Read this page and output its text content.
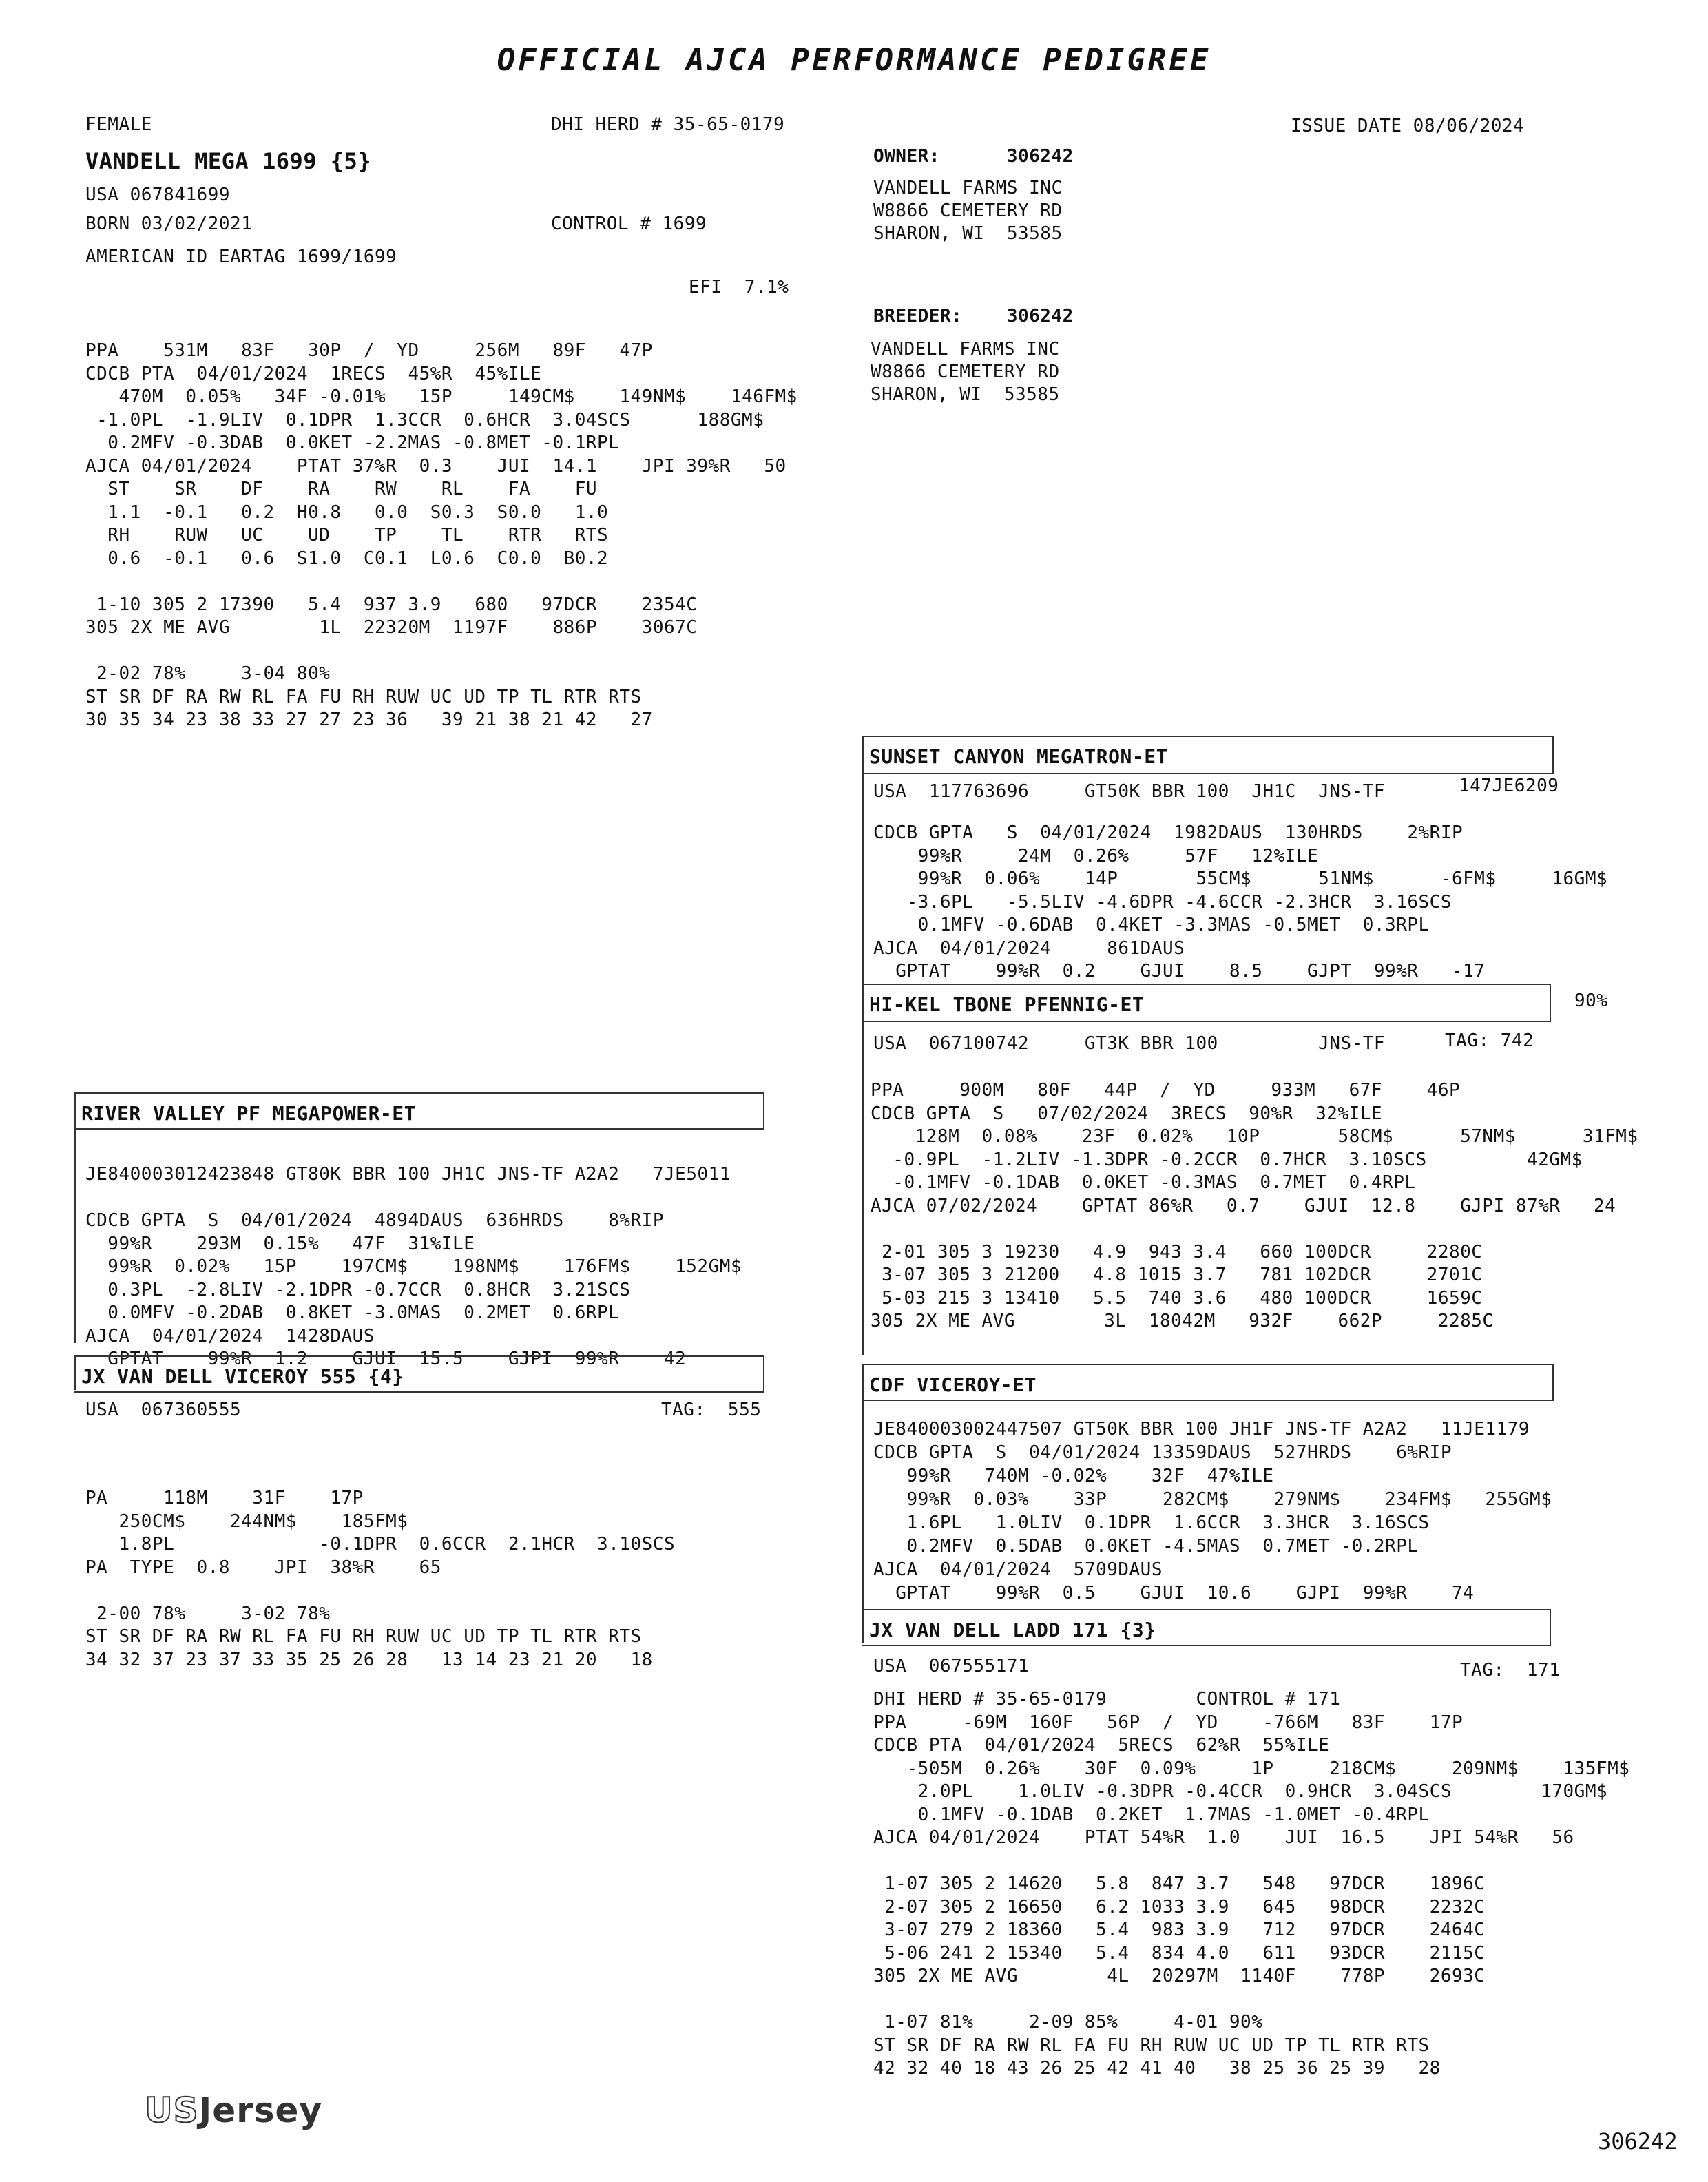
OFFICIAL AJCA PERFORMANCE PEDIGREE
FEMALE	DHI HERD # 35-65-0179	ISSUE DATE 08/06/2024
VANDELL MEGA 1699 {5}
USA 067841699
BORN 03/02/2021	CONTROL # 1699
AMERICAN ID EARTAG 1699/1699
EFI  7.1%
PPA    531M   83F   30P  /  YD     256M   89F   47P
CDCB PTA  04/01/2024  1RECS  45%R  45%ILE
470M  0.05%   34F -0.01%   15P     149CM$    149NM$    146FM$
-1.0PL  -1.9LIV  0.1DPR  1.3CCR  0.6HCR  3.04SCS      188GM$
0.2MFV -0.3DAB  0.0KET -2.2MAS -0.8MET -0.1RPL
AJCA 04/01/2024    PTAT 37%R  0.3    JUI  14.1    JPI 39%R   50
ST    SR    DF    RA    RW    RL    FA    FU
1.1  -0.1   0.2  H0.8   0.0  S0.3  S0.0   1.0
RH    RUW   UC    UD    TP    TL    RTR   RTS
0.6  -0.1   0.6  S1.0  C0.1  L0.6  C0.0  B0.2
1-10 305 2 17390   5.4  937 3.9   680   97DCR    2354C
305 2X ME AVG        1L  22320M  1197F    886P    3067C
2-02 78%     3-04 80%
ST SR DF RA RW RL FA FU RH RUW UC UD TP TL RTR RTS
30 35 34 23 38 33 27 27 23 36   39 21 38 21 42   27
OWNER:      306242
VANDELL FARMS INC
W8866 CEMETERY RD
SHARON, WI  53585
BREEDER:    306242
VANDELL FARMS INC
W8866 CEMETERY RD
SHARON, WI  53585
SUNSET CANYON MEGATRON-ET
USA  117763696     GT50K BBR 100  JH1C  JNS-TF	147JE6209
CDCB GPTA   S  04/01/2024  1982DAUS  130HRDS    2%RIP
99%R     24M  0.26%     57F   12%ILE
99%R  0.06%    14P       55CM$      51NM$      -6FM$     16GM$
-3.6PL   -5.5LIV -4.6DPR -4.6CCR -2.3HCR  3.16SCS
0.1MFV -0.6DAB  0.4KET -3.3MAS -0.5MET  0.3RPL
AJCA  04/01/2024     861DAUS
GPTAT    99%R  0.2    GJUI    8.5    GJPT  99%R   -17
HI-KEL TBONE PFENNIG-ET	90%
USA  067100742     GT3K BBR 100         JNS-TF	TAG: 742
PPA     900M   80F   44P  /  YD     933M   67F    46P
CDCB GPTA  S   07/02/2024  3RECS  90%R  32%ILE
128M  0.08%    23F  0.02%   10P       58CM$      57NM$      31FM$
-0.9PL  -1.2LIV -1.3DPR -0.2CCR  0.7HCR  3.10SCS         42GM$
-0.1MFV -0.1DAB  0.0KET -0.3MAS  0.7MET  0.4RPL
AJCA 07/02/2024    GPTAT 86%R   0.7    GJUI  12.8    GJPI 87%R   24
2-01 305 3 19230   4.9  943 3.4   660 100DCR     2280C
3-07 305 3 21200   4.8 1015 3.7   781 102DCR     2701C
5-03 215 3 13410   5.5  740 3.6   480 100DCR     1659C
305 2X ME AVG        3L  18042M   932F    662P     2285C
RIVER VALLEY PF MEGAPOWER-ET
JE840003012423848 GT80K BBR 100 JH1C JNS-TF A2A2   7JE5011
CDCB GPTA  S  04/01/2024  4894DAUS  636HRDS    8%RIP
99%R    293M  0.15%   47F  31%ILE
99%R  0.02%   15P    197CM$    198NM$    176FM$    152GM$
0.3PL  -2.8LIV -2.1DPR -0.7CCR  0.8HCR  3.21SCS
0.0MFV -0.2DAB  0.8KET -3.0MAS  0.2MET  0.6RPL
AJCA  04/01/2024  1428DAUS
GPTAT    99%R  1.2    GJUI  15.5    GJPI  99%R    42
JX VAN DELL VICEROY 555 {4}
USA  067360555	TAG:  555
PA     118M    31F    17P
250CM$    244NM$    185FM$
1.8PL             -0.1DPR  0.6CCR  2.1HCR  3.10SCS
PA  TYPE  0.8    JPI  38%R    65
2-00 78%     3-02 78%
ST SR DF RA RW RL FA FU RH RUW UC UD TP TL RTR RTS
34 32 37 23 37 33 35 25 26 28   13 14 23 21 20   18
CDF VICEROY-ET
JE840003002447507 GT50K BBR 100 JH1F JNS-TF A2A2   11JE1179
CDCB GPTA  S  04/01/2024 13359DAUS  527HRDS    6%RIP
99%R   740M -0.02%    32F  47%ILE
99%R  0.03%    33P     282CM$    279NM$    234FM$   255GM$
1.6PL   1.0LIV  0.1DPR  1.6CCR  3.3HCR  3.16SCS
0.2MFV  0.5DAB  0.0KET -4.5MAS  0.7MET -0.2RPL
AJCA  04/01/2024  5709DAUS
GPTAT    99%R  0.5    GJUI  10.6    GJPI  99%R    74
JX VAN DELL LADD 171 {3}
USA  067555171	TAG:  171
DHI HERD # 35-65-0179        CONTROL # 171
PPA     -69M  160F   56P  /  YD    -766M   83F    17P
CDCB PTA  04/01/2024  5RECS  62%R  55%ILE
-505M  0.26%    30F  0.09%     1P     218CM$     209NM$    135FM$
2.0PL    1.0LIV -0.3DPR -0.4CCR  0.9HCR  3.04SCS        170GM$
0.1MFV -0.1DAB  0.2KET  1.7MAS -1.0MET -0.4RPL
AJCA 04/01/2024    PTAT 54%R  1.0    JUI  16.5    JPI 54%R   56
1-07 305 2 14620   5.8  847 3.7   548   97DCR    1896C
2-07 305 2 16650   6.2 1033 3.9   645   98DCR    2232C
3-07 279 2 18360   5.4  983 3.9   712   97DCR    2464C
5-06 241 2 15340   5.4  834 4.0   611   93DCR    2115C
305 2X ME AVG        4L  20297M  1140F    778P    2693C
1-07 81%     2-09 85%     4-01 90%
ST SR DF RA RW RL FA FU RH RUW UC UD TP TL RTR RTS
42 32 40 18 43 26 25 42 41 40   38 25 36 25 39   28
USJersey
306242
